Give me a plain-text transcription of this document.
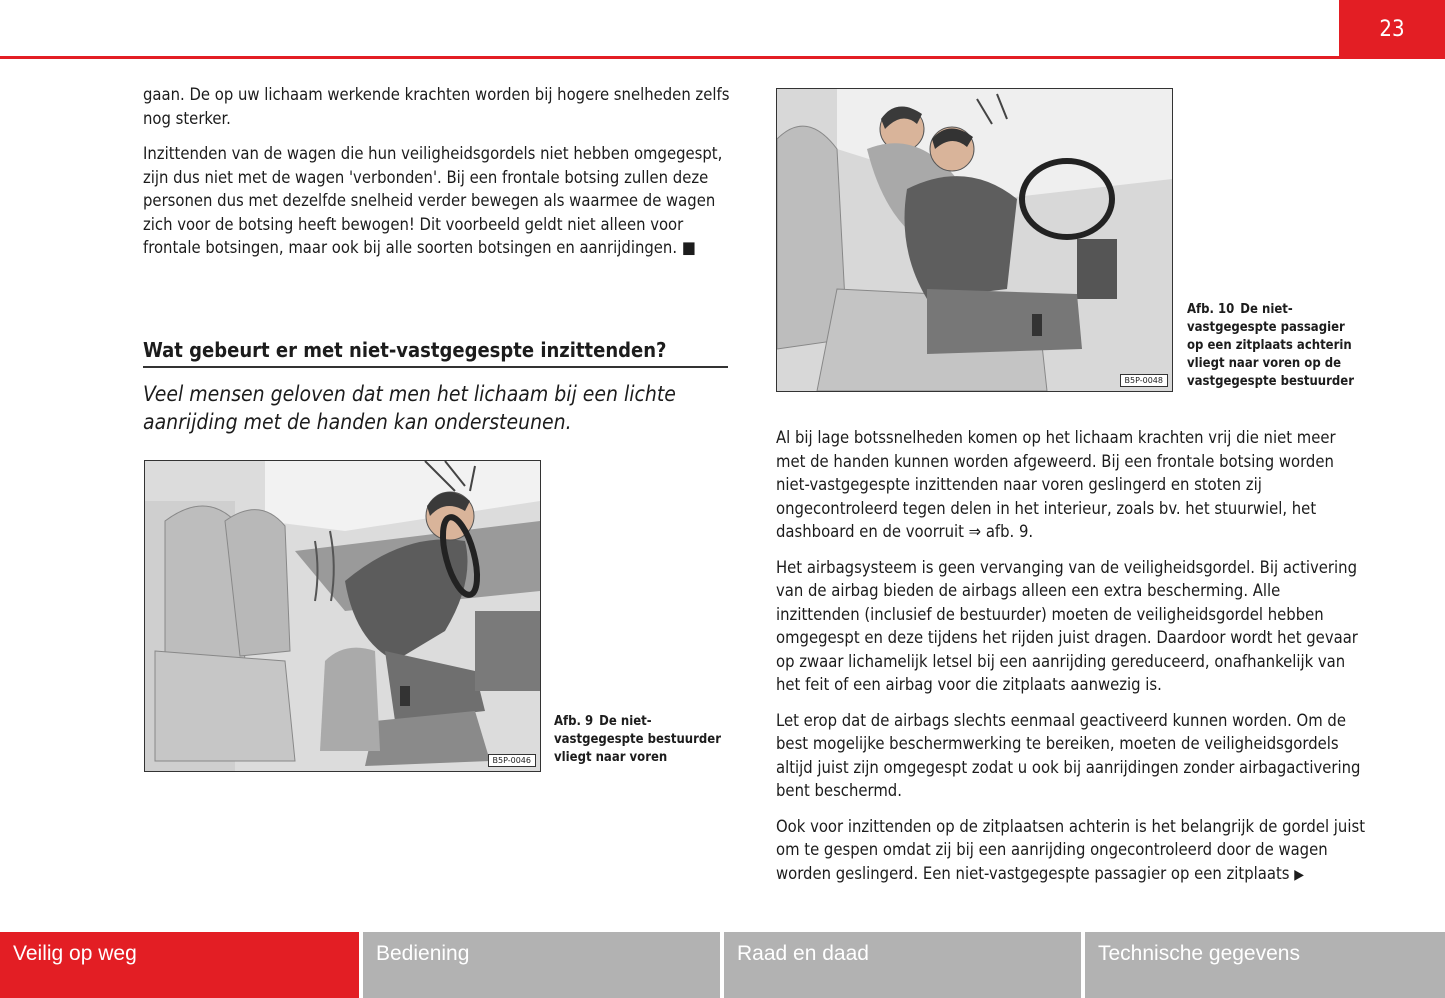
23

gaan. De op uw lichaam werkende krachten worden bij hogere snelheden zelfs nog sterker.

Inzittenden van de wagen die hun veiligheidsgordels niet hebben omgegespt, zijn dus niet met de wagen 'verbonden'. Bij een frontale botsing zullen deze personen dus met dezelfde snelheid verder bewegen als waarmee de wagen zich voor de botsing heeft bewogen! Dit voorbeeld geldt niet alleen voor frontale botsingen, maar ook bij alle soorten botsingen en aanrijdingen. ■

Wat gebeurt er met niet-vastgegespte inzittenden?
Veel mensen geloven dat men het lichaam bij een lichte aanrijding met de handen kan ondersteunen.
B5P-0046
Afb. 9 De niet-vastgegespte bestuurder vliegt naar voren
B5P-0048
Afb. 10 De niet-vastgegespte passagier op een zitplaats achterin vliegt naar voren op de vastgegespte bestuurder

Al bij lage botssnelheden komen op het lichaam krachten vrij die niet meer met de handen kunnen worden afgeweerd. Bij een frontale botsing worden niet-vastgegespte inzittenden naar voren geslingerd en stoten zij ongecontroleerd tegen delen in het interieur, zoals bv. het stuurwiel, het dashboard en de voorruit ⇒ afb. 9.

Het airbagsysteem is geen vervanging van de veiligheidsgordel. Bij activering van de airbag bieden de airbags alleen een extra bescherming. Alle inzittenden (inclusief de bestuurder) moeten de veiligheidsgordel hebben omgegespt en deze tijdens het rijden juist dragen. Daardoor wordt het gevaar op zwaar lichamelijk letsel bij een aanrijding gereduceerd, onafhankelijk van het feit of een airbag voor die zitplaats aanwezig is.

Let erop dat de airbags slechts eenmaal geactiveerd kunnen worden. Om de best mogelijke beschermwerking te bereiken, moeten de veiligheidsgordels altijd juist zijn omgegespt zodat u ook bij aanrijdingen zonder airbagactivering bent beschermd.

Ook voor inzittenden op de zitplaatsen achterin is het belangrijk de gordel juist om te gespen omdat zij bij een aanrijding ongecontroleerd door de wagen worden geslingerd. Een niet-vastgegespte passagier op een zitplaats ▶

Veilig op weg	Bediening	Raad en daad	Technische gegevens
